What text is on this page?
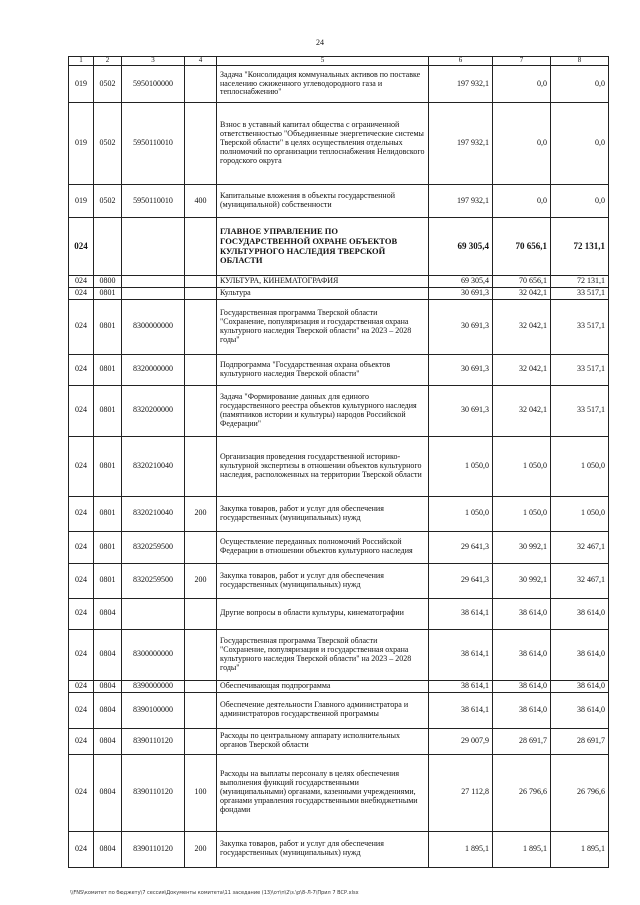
24
1	2	3	4	5	6	7	8
019	0502	5950100000		Задача "Консолидация коммунальных активов по поставке населению сжиженного углеводородного газа и теплоснабжению"	197 932,1	0,0	0,0
019	0502	5950110010		Взнос в уставный капитал общества с ограниченной ответственностью "Объединенные энергетические системы Тверской области" в целях осуществления отдельных полномочий по организации теплоснабжения Нелидовского городского округа	197 932,1	0,0	0,0
019	0502	5950110010	400	Капитальные вложения в объекты государственной (муниципальной) собственности	197 932,1	0,0	0,0
024				ГЛАВНОЕ УПРАВЛЕНИЕ ПО ГОСУДАРСТВЕННОЙ ОХРАНЕ ОБЪЕКТОВ КУЛЬТУРНОГО НАСЛЕДИЯ ТВЕРСКОЙ ОБЛАСТИ	69 305,4	70 656,1	72 131,1
024	0800			КУЛЬТУРА, КИНЕМАТОГРАФИЯ	69 305,4	70 656,1	72 131,1
024	0801			Культура	30 691,3	32 042,1	33 517,1
024	0801	8300000000		Государственная программа Тверской области "Сохранение, популяризация и государственная охрана культурного наследия Тверской области" на 2023 – 2028 годы"	30 691,3	32 042,1	33 517,1
024	0801	8320000000		Подпрограмма "Государственная охрана объектов культурного наследия Тверской области"	30 691,3	32 042,1	33 517,1
024	0801	8320200000		Задача "Формирование данных для единого государственного реестра объектов культурного наследия (памятников истории и культуры) народов Российской Федерации"	30 691,3	32 042,1	33 517,1
024	0801	8320210040		Организация проведения государственной историко-культурной экспертизы в отношении объектов культурного наследия, расположенных на территории Тверской области	1 050,0	1 050,0	1 050,0
024	0801	8320210040	200	Закупка товаров, работ и услуг для обеспечения государственных (муниципальных) нужд	1 050,0	1 050,0	1 050,0
024	0801	8320259500		Осуществление переданных полномочий Российской Федерации в отношении объектов культурного наследия	29 641,3	30 992,1	32 467,1
024	0801	8320259500	200	Закупка товаров, работ и услуг для обеспечения государственных (муниципальных) нужд	29 641,3	30 992,1	32 467,1
024	0804			Другие вопросы в области культуры, кинематографии	38 614,1	38 614,0	38 614,0
024	0804	8300000000		Государственная программа Тверской области "Сохранение, популяризация и государственная охрана культурного наследия Тверской области" на 2023 – 2028 годы"	38 614,1	38 614,0	38 614,0
024	0804	8390000000		Обеспечивающая подпрограмма	38 614,1	38 614,0	38 614,0
024	0804	8390100000		Обеспечение деятельности Главного администратора и администраторов государственной программы	38 614,1	38 614,0	38 614,0
024	0804	8390110120		Расходы по центральному аппарату исполнительных органов Тверской области	29 007,9	28 691,7	28 691,7
024	0804	8390110120	100	Расходы на выплаты персоналу в целях обеспечения выполнения функций государственными (муниципальными) органами, казенными учреждениями, органами управления государственными внебюджетными фондами	27 112,8	26 796,6	26 796,6
024	0804	8390110120	200	Закупка товаров, работ и услуг для обеспечения государственных (муниципальных) нужд	1 895,1	1 895,1	1 895,1
\\FNS\комитет по бюджету\7 сессия\Документы комитета\11 заседание (13)\от\п\2\з.\р\8-Л-7\Прил 7 ВСР.xlsx
